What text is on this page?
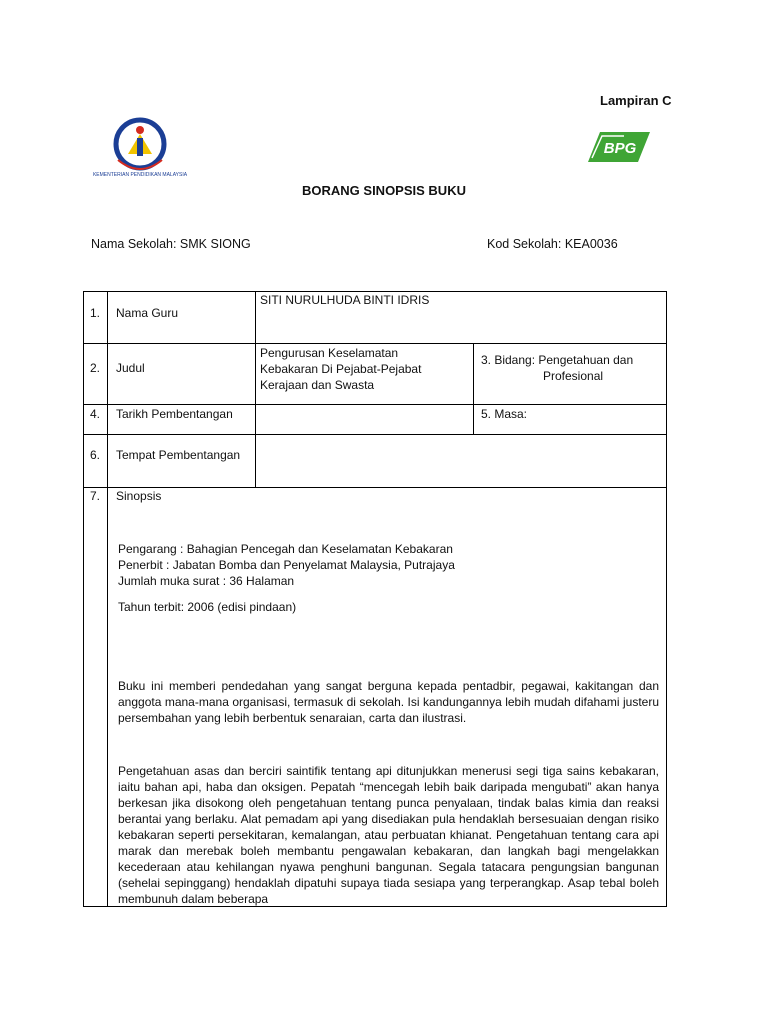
Lampiran C
KEMENTERIAN PENDIDIKAN MALAYSIA
BPG
BORANG SINOPSIS BUKU
Nama Sekolah: SMK SIONG	Kod Sekolah: KEA0036
1. Nama Guru
SITI NURULHUDA BINTI IDRIS
2. Judul
Pengurusan Keselamatan
Kebakaran Di Pejabat-Pejabat
Kerajaan dan Swasta
3. Bidang: Pengetahuan dan
Profesional
4. Tarikh Pembentangan	5. Masa:
6. Tempat Pembentangan
7. Sinopsis
Pengarang : Bahagian Pencegah dan Keselamatan Kebakaran
Penerbit : Jabatan Bomba dan Penyelamat Malaysia, Putrajaya
Jumlah muka surat : 36 Halaman
Tahun terbit: 2006 (edisi pindaan)

Buku ini memberi pendedahan yang sangat berguna kepada pentadbir, pegawai, kakitangan dan anggota mana-mana organisasi, termasuk di sekolah. Isi kandungannya lebih mudah difahami justeru persembahan yang lebih berbentuk senaraian, carta dan ilustrasi.

Pengetahuan asas dan berciri saintifik tentang api ditunjukkan menerusi segi tiga sains kebakaran, iaitu bahan api, haba dan oksigen. Pepatah “mencegah lebih baik daripada mengubati” akan hanya berkesan jika disokong oleh pengetahuan tentang punca penyalaan, tindak balas kimia dan reaksi berantai yang berlaku. Alat pemadam api yang disediakan pula hendaklah bersesuaian dengan risiko kebakaran seperti persekitaran, kemalangan, atau perbuatan khianat. Pengetahuan tentang cara api marak dan merebak boleh membantu pengawalan kebakaran, dan langkah bagi mengelakkan kecederaan atau kehilangan nyawa penghuni bangunan. Segala tatacara pengungsian bangunan (sehelai sepinggang) hendaklah dipatuhi supaya tiada sesiapa yang terperangkap. Asap tebal boleh membunuh dalam beberapa
